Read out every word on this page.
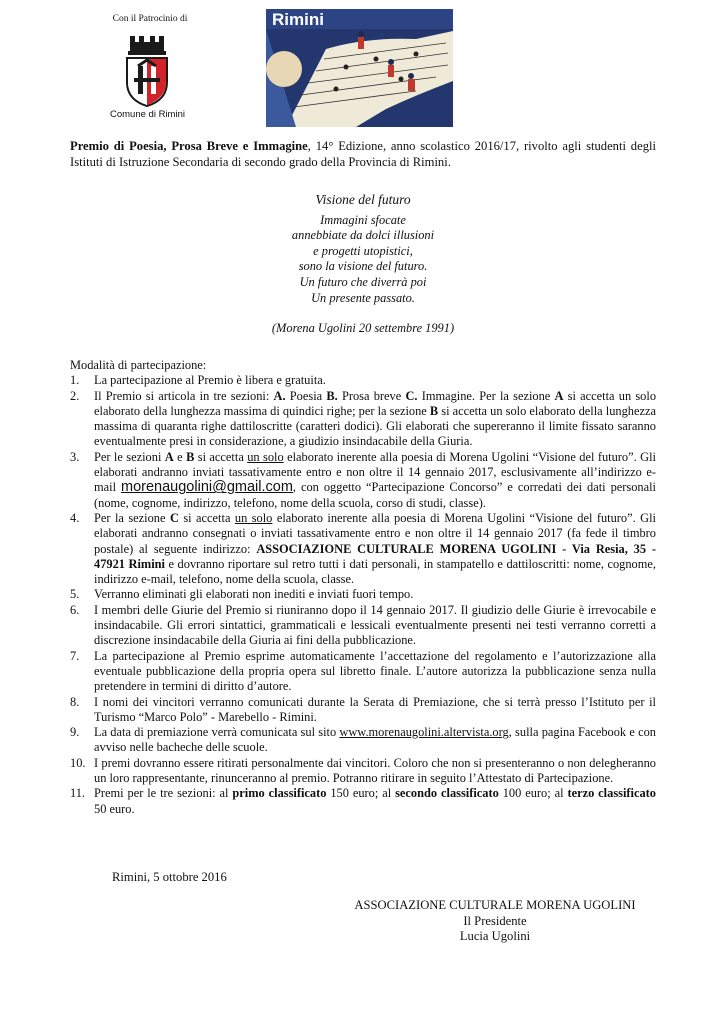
Con il Patrocinio di
Comune di Rimini
Rimini
Premio di Poesia, Prosa Breve e Immagine, 14° Edizione, anno scolastico 2016/17, rivolto agli studenti degli Istituti di Istruzione Secondaria di secondo grado della Provincia di Rimini.
Visione del futuro
Immagini sfocate
annebbiate da dolci illusioni
e progetti utopistici,
sono la visione del futuro.
Un futuro che diverrà poi
Un presente passato.
(Morena Ugolini 20 settembre 1991)
Modalità di partecipazione:
1.	La partecipazione al Premio è libera e gratuita.
2.	Il Premio si articola in tre sezioni: A. Poesia B. Prosa breve C. Immagine. Per la sezione A si accetta un solo elaborato della lunghezza massima di quindici righe; per la sezione B si accetta un solo elaborato della lunghezza massima di quaranta righe dattiloscritte (caratteri dodici). Gli elaborati che supereranno il limite fissato saranno eventualmente presi in considerazione, a giudizio insindacabile della Giuria.
3.	Per le sezioni A e B si accetta un solo elaborato inerente alla poesia di Morena Ugolini “Visione del futuro”. Gli elaborati andranno inviati tassativamente entro e non oltre il 14 gennaio 2017, esclusivamente all’indirizzo e-mail morenaugolini@gmail.com, con oggetto “Partecipazione Concorso” e corredati dei dati personali (nome, cognome, indirizzo, telefono, nome della scuola, corso di studi, classe).
4.	Per la sezione C si accetta un solo elaborato inerente alla poesia di Morena Ugolini “Visione del futuro”. Gli elaborati andranno consegnati o inviati tassativamente entro e non oltre il 14 gennaio 2017 (fa fede il timbro postale) al seguente indirizzo: ASSOCIAZIONE CULTURALE MORENA UGOLINI - Via Resia, 35 - 47921 Rimini e dovranno riportare sul retro tutti i dati personali, in stampatello e dattiloscritti: nome, cognome, indirizzo e-mail, telefono, nome della scuola, classe.
5.	Verranno eliminati gli elaborati non inediti e inviati fuori tempo.
6.	I membri delle Giurie del Premio si riuniranno dopo il 14 gennaio 2017. Il giudizio delle Giurie è irrevocabile e insindacabile. Gli errori sintattici, grammaticali e lessicali eventualmente presenti nei testi verranno corretti a discrezione insindacabile della Giuria ai fini della pubblicazione.
7.	La partecipazione al Premio esprime automaticamente l’accettazione del regolamento e l’autorizzazione alla eventuale pubblicazione della propria opera sul libretto finale. L’autore autorizza la pubblicazione senza nulla pretendere in termini di diritto d’autore.
8.	I nomi dei vincitori verranno comunicati durante la Serata di Premiazione, che si terrà presso l’Istituto per il Turismo “Marco Polo” - Marebello - Rimini.
9.	La data di premiazione verrà comunicata sul sito www.morenaugolini.altervista.org, sulla pagina Facebook e con avviso nelle bacheche delle scuole.
10. I premi dovranno essere ritirati personalmente dai vincitori. Coloro che non si presenteranno o non delegheranno un loro rappresentante, rinunceranno al premio. Potranno ritirare in seguito l’Attestato di Partecipazione.
11. Premi per le tre sezioni: al primo classificato 150 euro; al secondo classificato 100 euro; al terzo classificato 50 euro.
Rimini, 5 ottobre 2016
ASSOCIAZIONE CULTURALE MORENA UGOLINI
Il Presidente
Lucia Ugolini
